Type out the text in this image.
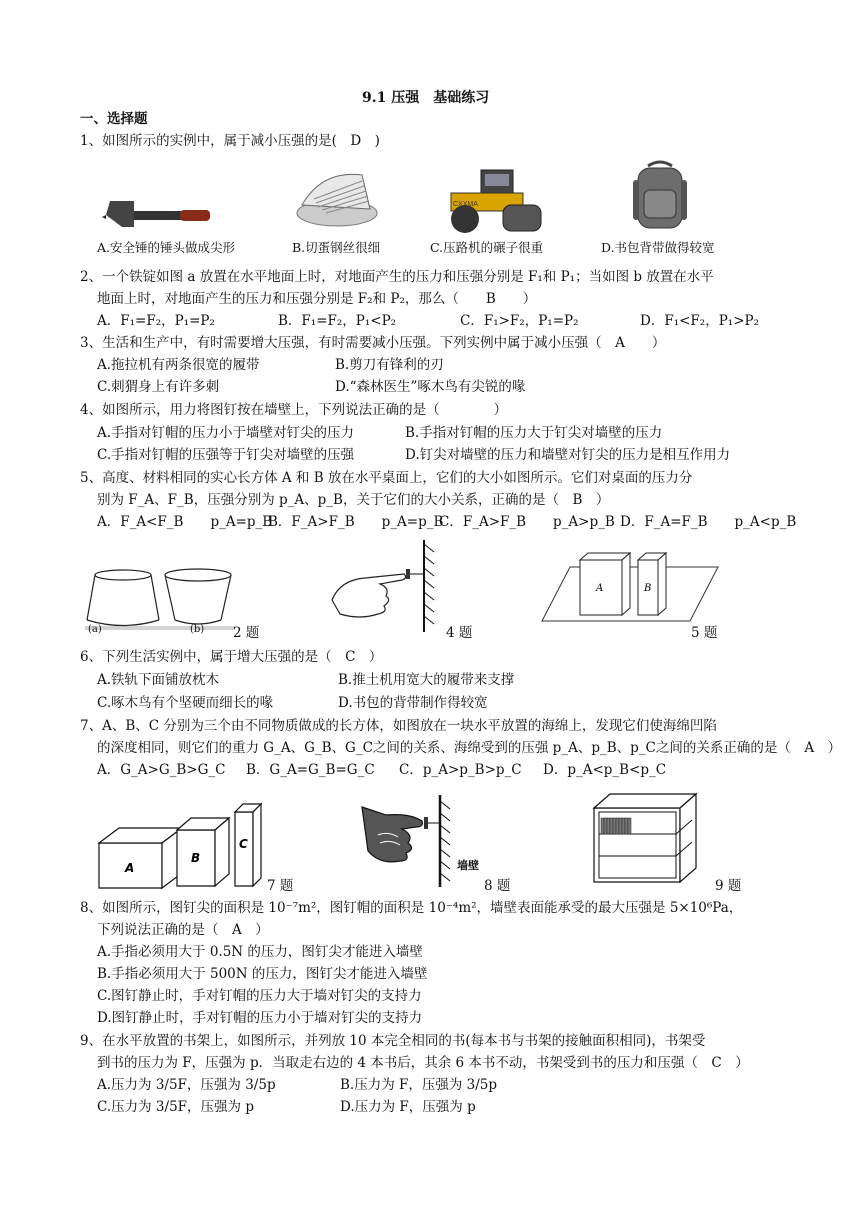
9.1 压强　基础练习
一、选择题
1、如图所示的实例中，属于减小压强的是(　D　)
CXXMA
A.安全锤的锤头做成尖形	B.切蛋钢丝很细	C.压路机的碾子很重	D.书包背带做得较宽
2、一个铁锭如图 a 放置在水平地面上时，对地面产生的压力和压强分别是 F₁和 P₁；当如图 b 放置在水平
地面上时，对地面产生的压力和压强分别是 F₂和 P₂，那么（　　B　　）
A．F₁=F₂，P₁=P₂	B．F₁=F₂，P₁<P₂	C．F₁>F₂，P₁=P₂	D．F₁<F₂，P₁>P₂
3、生活和生产中，有时需要增大压强，有时需要减小压强。下列实例中属于减小压强（　A　　）
A.拖拉机有两条很宽的履带	B.剪刀有锋利的刃
C.刺猬身上有许多刺	D.“森林医生”啄木鸟有尖锐的喙
4、如图所示，用力将图钉按在墙壁上，下列说法正确的是（　　　　）
A.手指对钉帽的压力小于墙壁对钉尖的压力	B.手指对钉帽的压力大于钉尖对墙壁的压力
C.手指对钉帽的压强等于钉尖对墙壁的压强	D.钉尖对墙壁的压力和墙壁对钉尖的压力是相互作用力
5、高度、材料相同的实心长方体 A 和 B 放在水平桌面上，它们的大小如图所示。它们对桌面的压力分
别为 F_A、F_B，压强分别为 p_A、p_B，关于它们的大小关系，正确的是（　B　）
A．F_A<F_B　　p_A=p_B
B．F_A>F_B　　p_A=p_B
C．F_A>F_B　　p_A>p_B D．F_A=F_B　　p_A<p_B
(a)	(b) 2 题	4 题
A	B
5 题
6、下列生活实例中，属于增大压强的是（　C　）
A.铁轨下面铺放枕木	B.推土机用宽大的履带来支撑
C.啄木鸟有个坚硬而细长的喙	D.书包的背带制作得较宽
7、A、B、C 分别为三个由不同物质做成的长方体，如图放在一块水平放置的海绵上，发现它们使海绵凹陷
的深度相同，则它们的重力 G_A、G_B、G_C之间的关系、海绵受到的压强 p_A、p_B、p_C之间的关系正确的是（　A　）
A．G_A>G_B>G_C B．G_A=G_B=G_C C．p_A>p_B>p_C D．p_A<p_B<p_C
A
B
C
7 题
墙壁
8 题	9 题
8、如图所示，图钉尖的面积是 10⁻⁷m²，图钉帽的面积是 10⁻⁴m²，墙壁表面能承受的最大压强是 5×10⁶Pa，
下列说法正确的是（　A　）
A.手指必须用大于 0.5N 的压力，图钉尖才能进入墙壁
B.手指必须用大于 500N 的压力，图钉尖才能进入墙壁
C.图钉静止时，手对钉帽的压力大于墙对钉尖的支持力
D.图钉静止时，手对钉帽的压力小于墙对钉尖的支持力
9、在水平放置的书架上，如图所示，并列放 10 本完全相同的书(每本书与书架的接触面积相同)，书架受
到书的压力为 F，压强为 p．当取走右边的 4 本书后，其余 6 本书不动，书架受到书的压力和压强（　C　）
A.压力为 3/5F，压强为 3/5p	B.压力为 F，压强为 3/5p
C.压力为 3/5F，压强为 p	D.压力为 F，压强为 p
